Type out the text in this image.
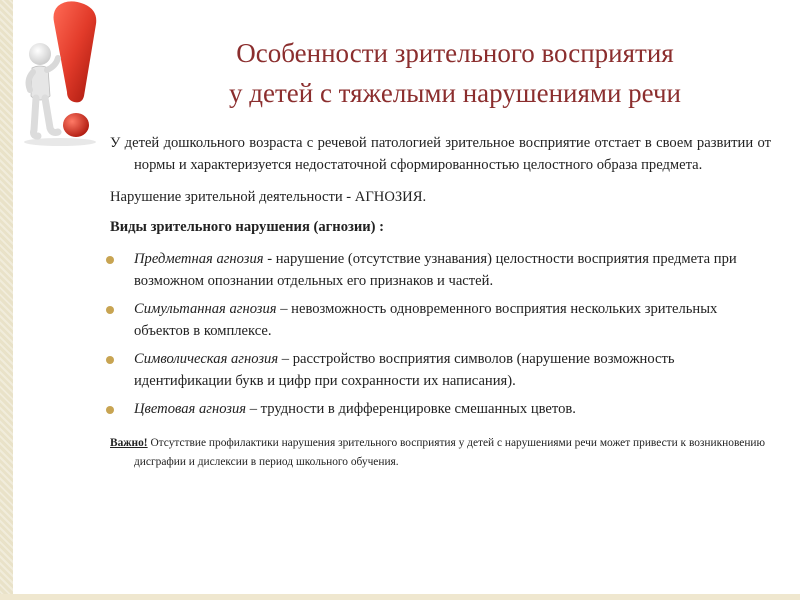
Особенности зрительного восприятия
у детей с тяжелыми нарушениями речи

У детей дошкольного возраста с речевой патологией зрительное восприятие отстает в своем развитии от нормы и характеризуется недостаточной сформированностью целостного образа предмета.

Нарушение зрительной деятельности - АГНОЗИЯ.

Виды зрительного нарушения (агнозии) :

Предметная агнозия - нарушение (отсутствие узнавания) целостности восприятия предмета при возможном опознании отдельных его признаков и частей.
Симультанная агнозия – невозможность одновременного восприятия нескольких зрительных объектов в комплексе.
Символическая агнозия – расстройство восприятия символов (нарушение возможность идентификации букв и цифр при сохранности их написания).
Цветовая агнозия – трудности в дифференцировке смешанных цветов.
Важно! Отсутствие профилактики нарушения зрительного восприятия у детей с нарушениями речи может привести к возникновению дисграфии и дислексии в период школьного обучения.
